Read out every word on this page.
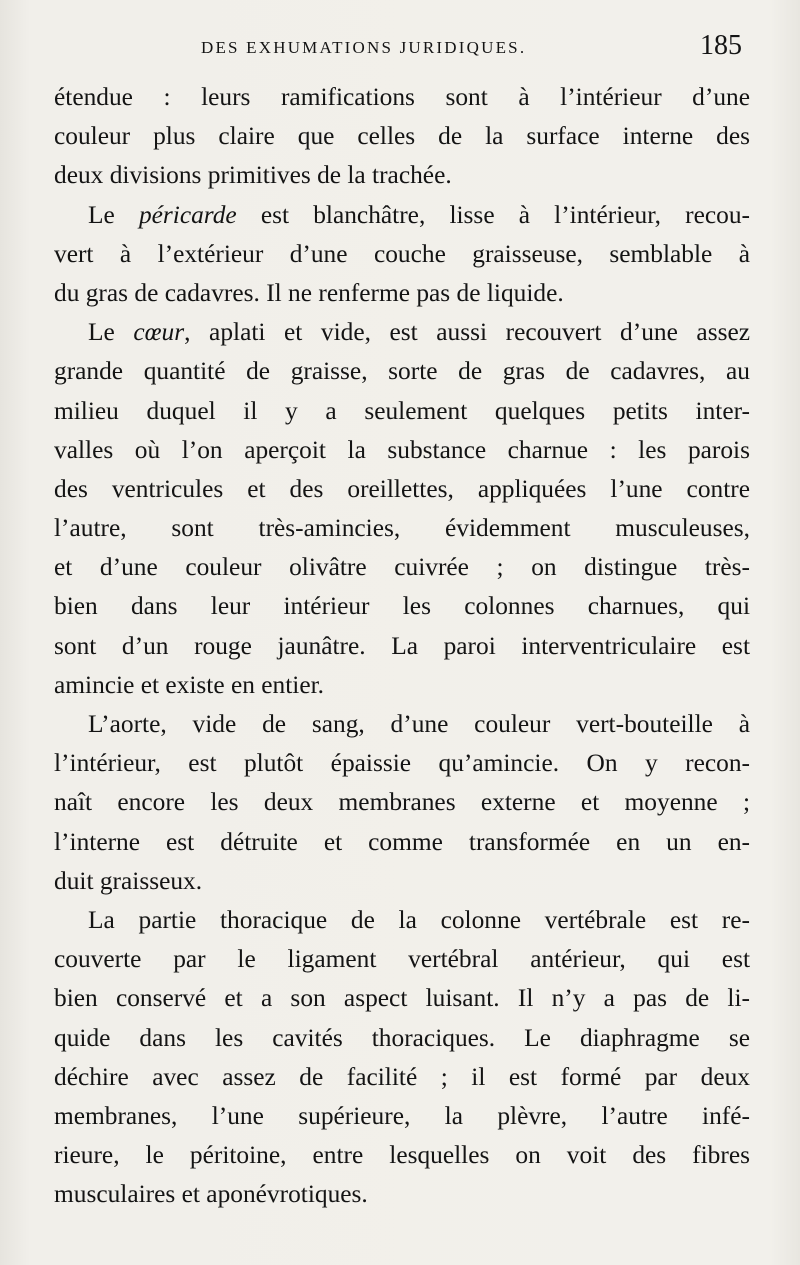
DES EXHUMATIONS JURIDIQUES.	185
étendue : leurs ramifications sont à l’intérieur d’une
couleur plus claire que celles de la surface interne des
deux divisions primitives de la trachée.
Le péricarde est blanchâtre, lisse à l’intérieur, recou-
vert à l’extérieur d’une couche graisseuse, semblable à
du gras de cadavres. Il ne renferme pas de liquide.
Le cœur, aplati et vide, est aussi recouvert d’une assez
grande quantité de graisse, sorte de gras de cadavres, au
milieu duquel il y a seulement quelques petits inter-
valles où l’on aperçoit la substance charnue : les parois
des ventricules et des oreillettes, appliquées l’une contre
l’autre, sont très-amincies, évidemment musculeuses,
et d’une couleur olivâtre cuivrée ; on distingue très-
bien dans leur intérieur les colonnes charnues, qui
sont d’un rouge jaunâtre. La paroi interventriculaire est
amincie et existe en entier.
L’aorte, vide de sang, d’une couleur vert-bouteille à
l’intérieur, est plutôt épaissie qu’amincie. On y recon-
naît encore les deux membranes externe et moyenne ;
l’interne est détruite et comme transformée en un en-
duit graisseux.
La partie thoracique de la colonne vertébrale est re-
couverte par le ligament vertébral antérieur, qui est
bien conservé et a son aspect luisant. Il n’y a pas de li-
quide dans les cavités thoraciques. Le diaphragme se
déchire avec assez de facilité ; il est formé par deux
membranes, l’une supérieure, la plèvre, l’autre infé-
rieure, le péritoine, entre lesquelles on voit des fibres
musculaires et aponévrotiques.
